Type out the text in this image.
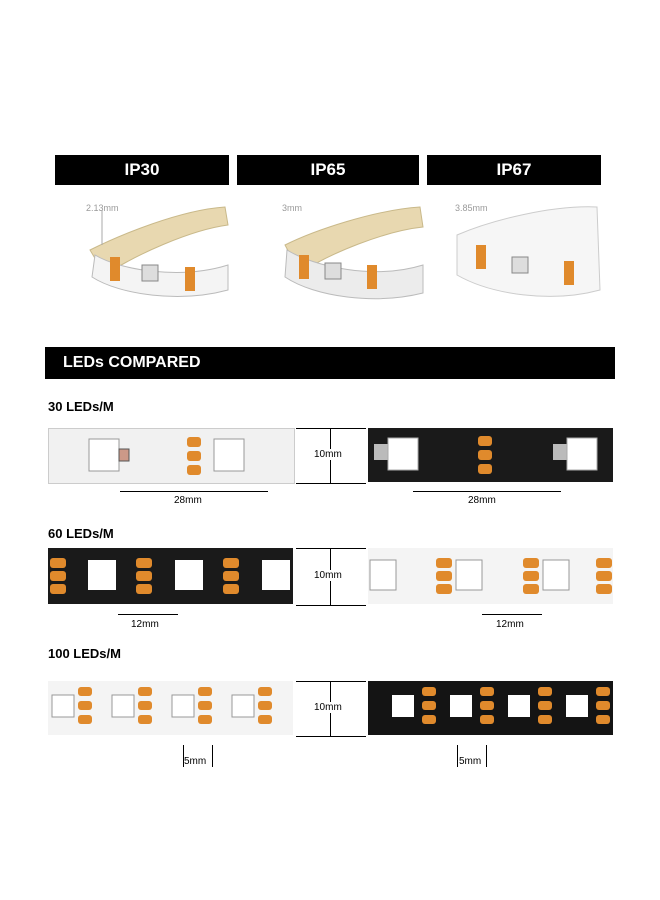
IP30	IP65	IP67
2.13mm	3mm	3.85mm
LEDs COMPARED
30 LEDs/M
10mm
28mm	28mm
60 LEDs/M
10mm
12mm	12mm
100 LEDs/M
10mm
5mm	5mm
